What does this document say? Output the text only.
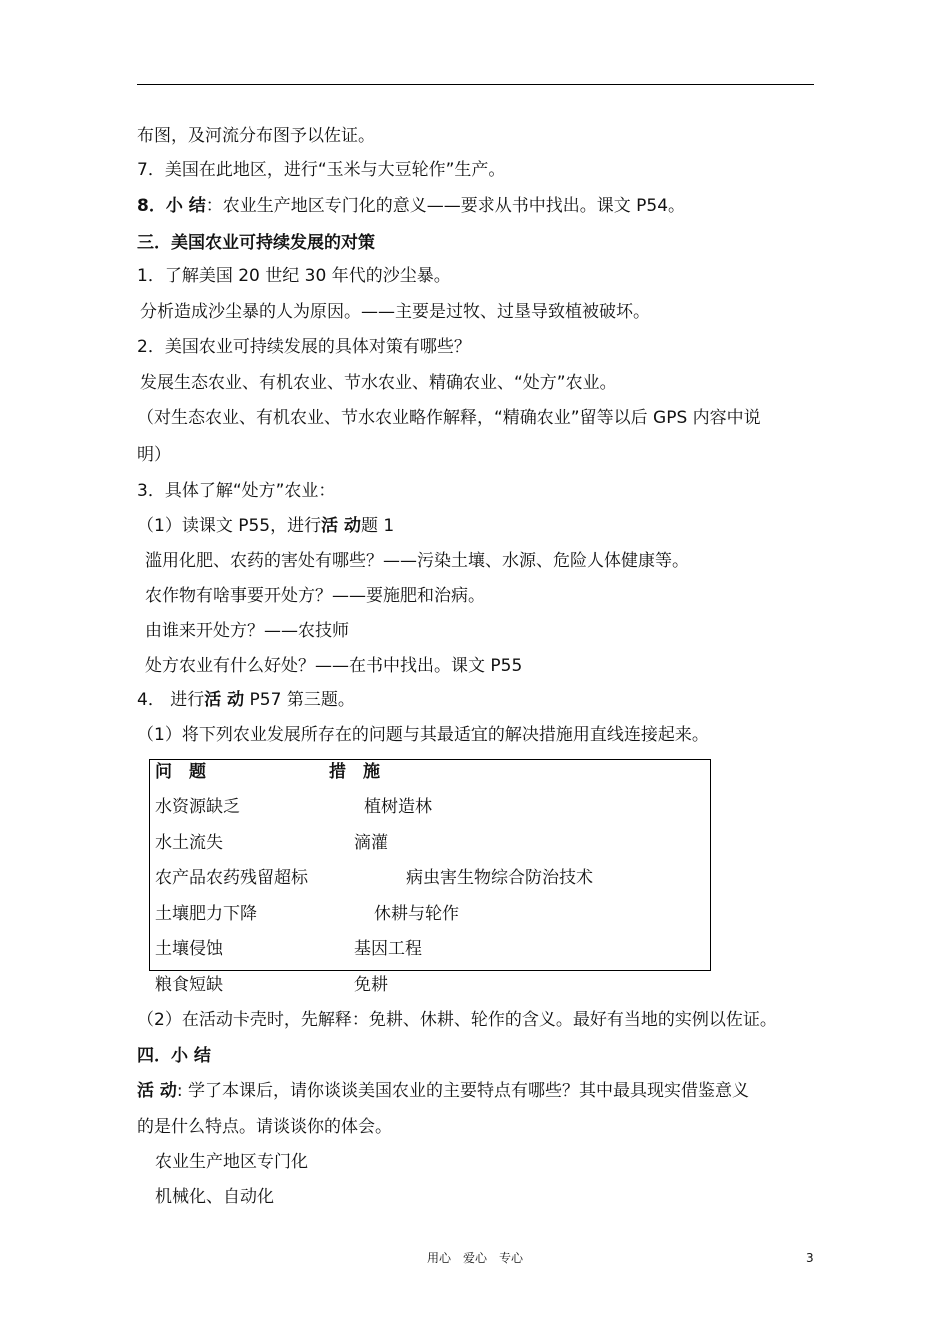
布图，及河流分布图予以佐证。
7．美国在此地区，进行“玉米与大豆轮作”生产。
8．小 结：农业生产地区专门化的意义——要求从书中找出。课文 P54。
三．美国农业可持续发展的对策
1．了解美国 20 世纪 30 年代的沙尘暴。
分析造成沙尘暴的人为原因。——主要是过牧、过垦导致植被破坏。
2．美国农业可持续发展的具体对策有哪些？
发展生态农业、有机农业、节水农业、精确农业、“处方”农业。
（对生态农业、有机农业、节水农业略作解释，“精确农业”留等以后 GPS 内容中说
明）
3．具体了解“处方”农业：
（1）读课文 P55，进行活 动题 1
滥用化肥、农药的害处有哪些？——污染土壤、水源、危险人体健康等。
农作物有啥事要开处方？——要施肥和治病。
由谁来开处方？——农技师
处方农业有什么好处？——在书中找出。课文 P55
4． 进行活 动 P57 第三题。
（1）将下列农业发展所存在的问题与其最适宜的解决措施用直线连接起来。
问　题	措　施
水资源缺乏	植树造林
水土流失	滴灌
农产品农药残留超标	病虫害生物综合防治技术
土壤肥力下降	休耕与轮作
土壤侵蚀	基因工程
粮食短缺	免耕
（2）在活动卡壳时，先解释：免耕、休耕、轮作的含义。最好有当地的实例以佐证。
四．小 结
活 动: 学了本课后，请你谈谈美国农业的主要特点有哪些？其中最具现实借鉴意义
的是什么特点。请谈谈你的体会。
农业生产地区专门化
机械化、自动化
用心　爱心　专心	3
